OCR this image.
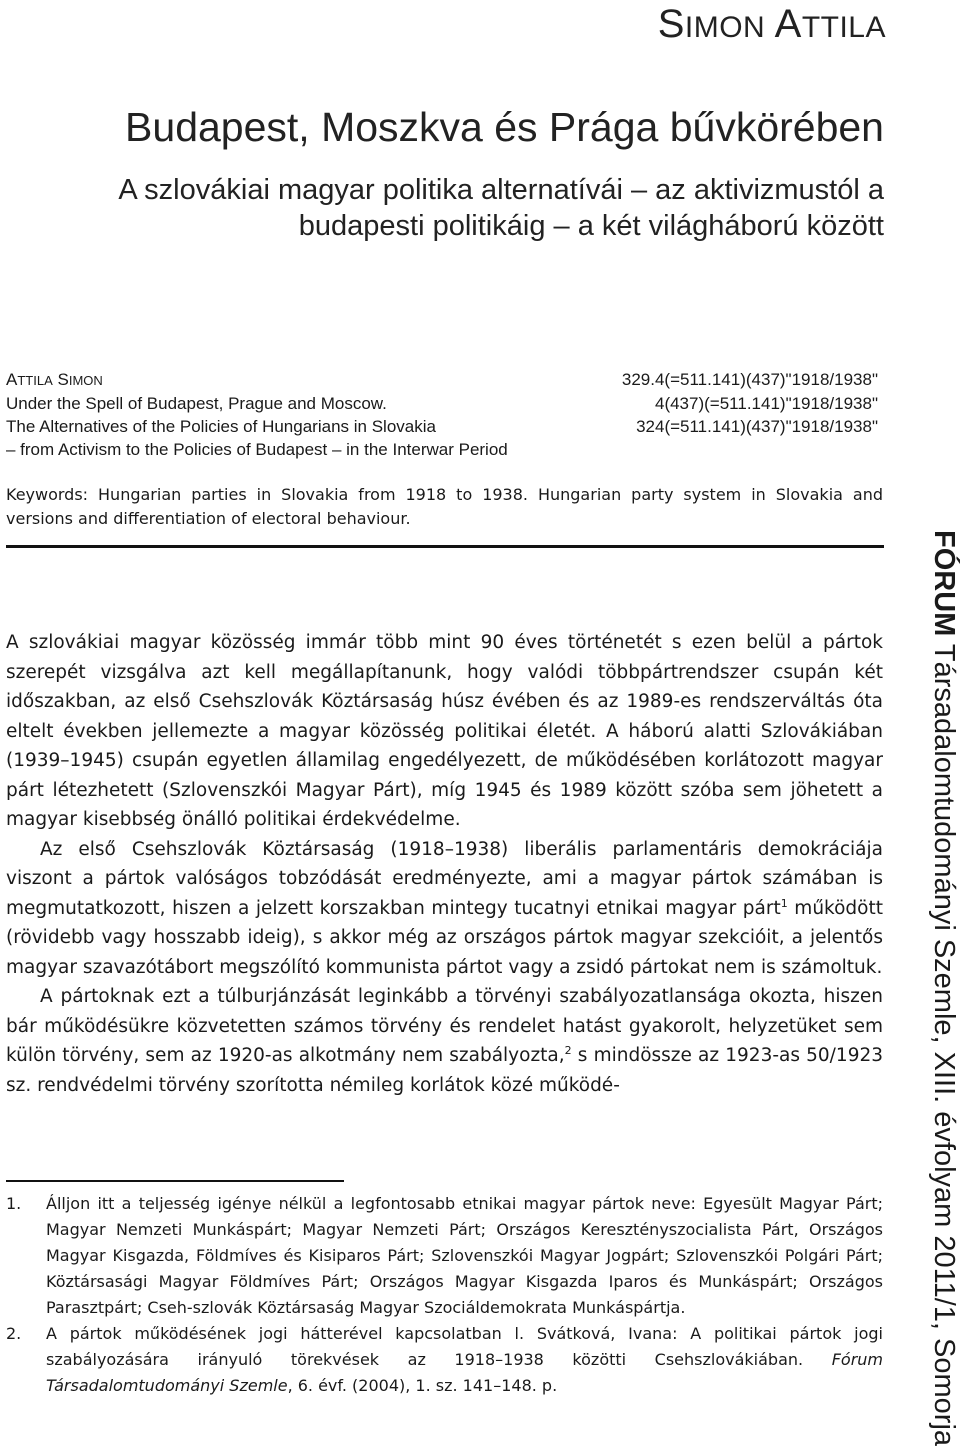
SIMON ATTILA
Budapest, Moszkva és Prága bűvkörében
A szlovákiai magyar politika alternatívái – az aktivizmustól a budapesti politikáig – a két világháború között
ATTILA SIMON
Under the Spell of Budapest, Prague and Moscow.
The Alternatives of the Policies of Hungarians in Slovakia
– from Activism to the Policies of Budapest – in the Interwar Period
329.4(=511.141)(437)"1918/1938"
4(437)(=511.141)"1918/1938"
324(=511.141)(437)"1918/1938"
Keywords: Hungarian parties in Slovakia from 1918 to 1938. Hungarian party system in Slovakia and versions and differentiation of electoral behaviour.

A szlovákiai magyar közösség immár több mint 90 éves történetét s ezen belül a pártok szerepét vizsgálva azt kell megállapítanunk, hogy valódi többpártrendszer csupán két időszakban, az első Csehszlovák Köztársaság húsz évében és az 1989-es rendszerváltás óta eltelt években jellemezte a magyar közösség politikai életét. A háború alatti Szlovákiában (1939–1945) csupán egyetlen államilag engedélyezett, de működésében korlátozott magyar párt létezhetett (Szlovenszkói Magyar Párt), míg 1945 és 1989 között szóba sem jöhetett a magyar kisebbség önálló politikai érdekvédelme.

Az első Csehszlovák Köztársaság (1918–1938) liberális parlamentáris demokráciája viszont a pártok valóságos tobzódását eredményezte, ami a magyar pártok számában is megmutatkozott, hiszen a jelzett korszakban mintegy tucatnyi etnikai magyar párt$^1$ működött (rövidebb vagy hosszabb ideig), s akkor még az országos pártok magyar szekcióit, a jelentős magyar szavazótábort megszólító kommunista pártot vagy a zsidó pártokat nem is számoltuk.

A pártoknak ezt a túlburjánzását leginkább a törvényi szabályozatlansága okozta, hiszen bár működésükre közvetetten számos törvény és rendelet hatást gyakorolt, helyzetüket sem külön törvény, sem az 1920-as alkotmány nem szabályozta,$^2$ s mindössze az 1923-as 50/1923 sz. rendvédelmi törvény szorította némileg korlátok közé működé-

1.	Álljon itt a teljesség igénye nélkül a legfontosabb etnikai magyar pártok neve: Egyesült Magyar Párt; Magyar Nemzeti Munkáspárt; Magyar Nemzeti Párt; Országos Keresztényszocialista Párt, Országos Magyar Kisgazda, Földmíves és Kisiparos Párt; Szlovenszkói Magyar Jogpárt; Szlovenszkói Polgári Párt; Köztársasági Magyar Földmíves Párt; Országos Magyar Kisgazda Iparos és Munkáspárt; Országos Parasztpárt; Cseh-szlovák Köztársaság Magyar Szociáldemokrata Munkáspártja.
2.	A pártok működésének jogi hátterével kapcsolatban l. Svátková, Ivana: A politikai pártok jogi szabályozására irányuló törekvések az 1918–1938 közötti Csehszlovákiában. Fórum Társadalomtudományi Szemle, 6. évf. (2004), 1. sz. 141–148. p.
FÓRUM Társadalomtudományi Szemle, XIII. évfolyam 2011/1, Somorja
